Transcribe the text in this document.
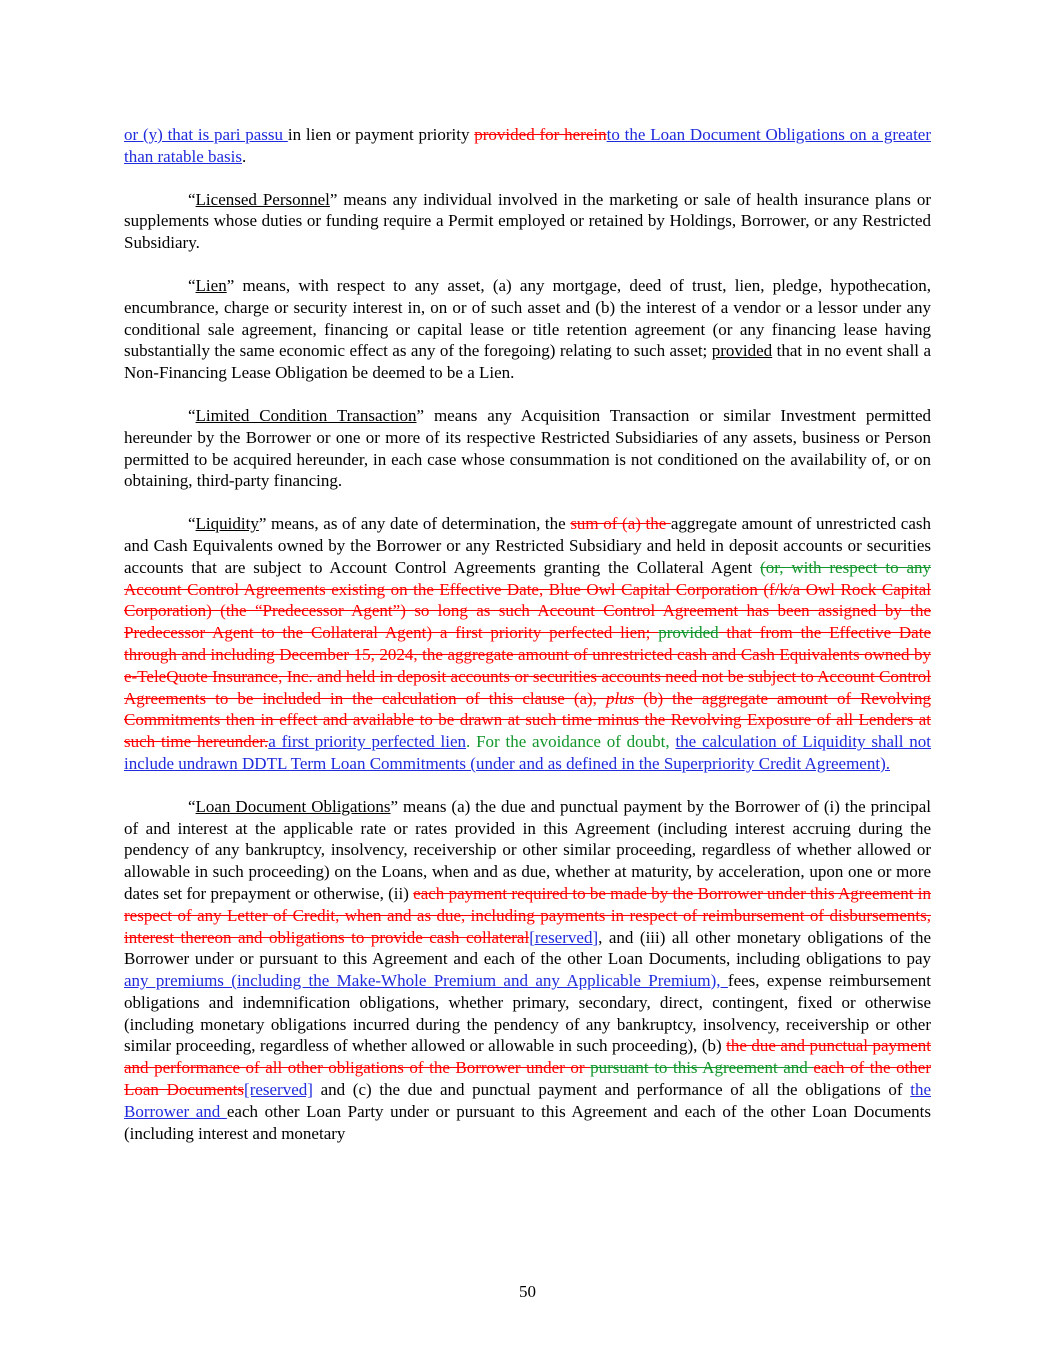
or (y) that is pari passu in lien or payment priority provided for hereinto the Loan Document Obligations on a greater than ratable basis.

“Licensed Personnel” means any individual involved in the marketing or sale of health insurance plans or supplements whose duties or funding require a Permit employed or retained by Holdings, Borrower, or any Restricted Subsidiary.

“Lien” means, with respect to any asset, (a) any mortgage, deed of trust, lien, pledge, hypothecation, encumbrance, charge or security interest in, on or of such asset and (b) the interest of a vendor or a lessor under any conditional sale agreement, financing or capital lease or title retention agreement (or any financing lease having substantially the same economic effect as any of the foregoing) relating to such asset; provided that in no event shall a Non-Financing Lease Obligation be deemed to be a Lien.

“Limited Condition Transaction” means any Acquisition Transaction or similar Investment permitted hereunder by the Borrower or one or more of its respective Restricted Subsidiaries of any assets, business or Person permitted to be acquired hereunder, in each case whose consummation is not conditioned on the availability of, or on obtaining, third-party financing.

“Liquidity” means, as of any date of determination, the sum of (a) the aggregate amount of unrestricted cash and Cash Equivalents owned by the Borrower or any Restricted Subsidiary and held in deposit accounts or securities accounts that are subject to Account Control Agreements granting the Collateral Agent (or, with respect to any Account Control Agreements existing on the Effective Date, Blue Owl Capital Corporation (f/k/a Owl Rock Capital Corporation) (the “Predecessor Agent”) so long as such Account Control Agreement has been assigned by the Predecessor Agent to the Collateral Agent) a first priority perfected lien; provided that from the Effective Date through and including December 15, 2024, the aggregate amount of unrestricted cash and Cash Equivalents owned by e-TeleQuote Insurance, Inc. and held in deposit accounts or securities accounts need not be subject to Account Control Agreements to be included in the calculation of this clause (a), plus (b) the aggregate amount of Revolving Commitments then in effect and available to be drawn at such time minus the Revolving Exposure of all Lenders at such time hereunder.a first priority perfected lien. For the avoidance of doubt, the calculation of Liquidity shall not include undrawn DDTL Term Loan Commitments (under and as defined in the Superpriority Credit Agreement).

“Loan Document Obligations” means (a) the due and punctual payment by the Borrower of (i) the principal of and interest at the applicable rate or rates provided in this Agreement (including interest accruing during the pendency of any bankruptcy, insolvency, receivership or other similar proceeding, regardless of whether allowed or allowable in such proceeding) on the Loans, when and as due, whether at maturity, by acceleration, upon one or more dates set for prepayment or otherwise, (ii) each payment required to be made by the Borrower under this Agreement in respect of any Letter of Credit, when and as due, including payments in respect of reimbursement of disbursements, interest thereon and obligations to provide cash collateral[reserved], and (iii) all other monetary obligations of the Borrower under or pursuant to this Agreement and each of the other Loan Documents, including obligations to pay any premiums (including the Make-Whole Premium and any Applicable Premium), fees, expense reimbursement obligations and indemnification obligations, whether primary, secondary, direct, contingent, fixed or otherwise (including monetary obligations incurred during the pendency of any bankruptcy, insolvency, receivership or other similar proceeding, regardless of whether allowed or allowable in such proceeding), (b) the due and punctual payment and performance of all other obligations of the Borrower under or pursuant to this Agreement and each of the other Loan Documents[reserved] and (c) the due and punctual payment and performance of all the obligations of the Borrower and each other Loan Party under or pursuant to this Agreement and each of the other Loan Documents (including interest and monetary

50
